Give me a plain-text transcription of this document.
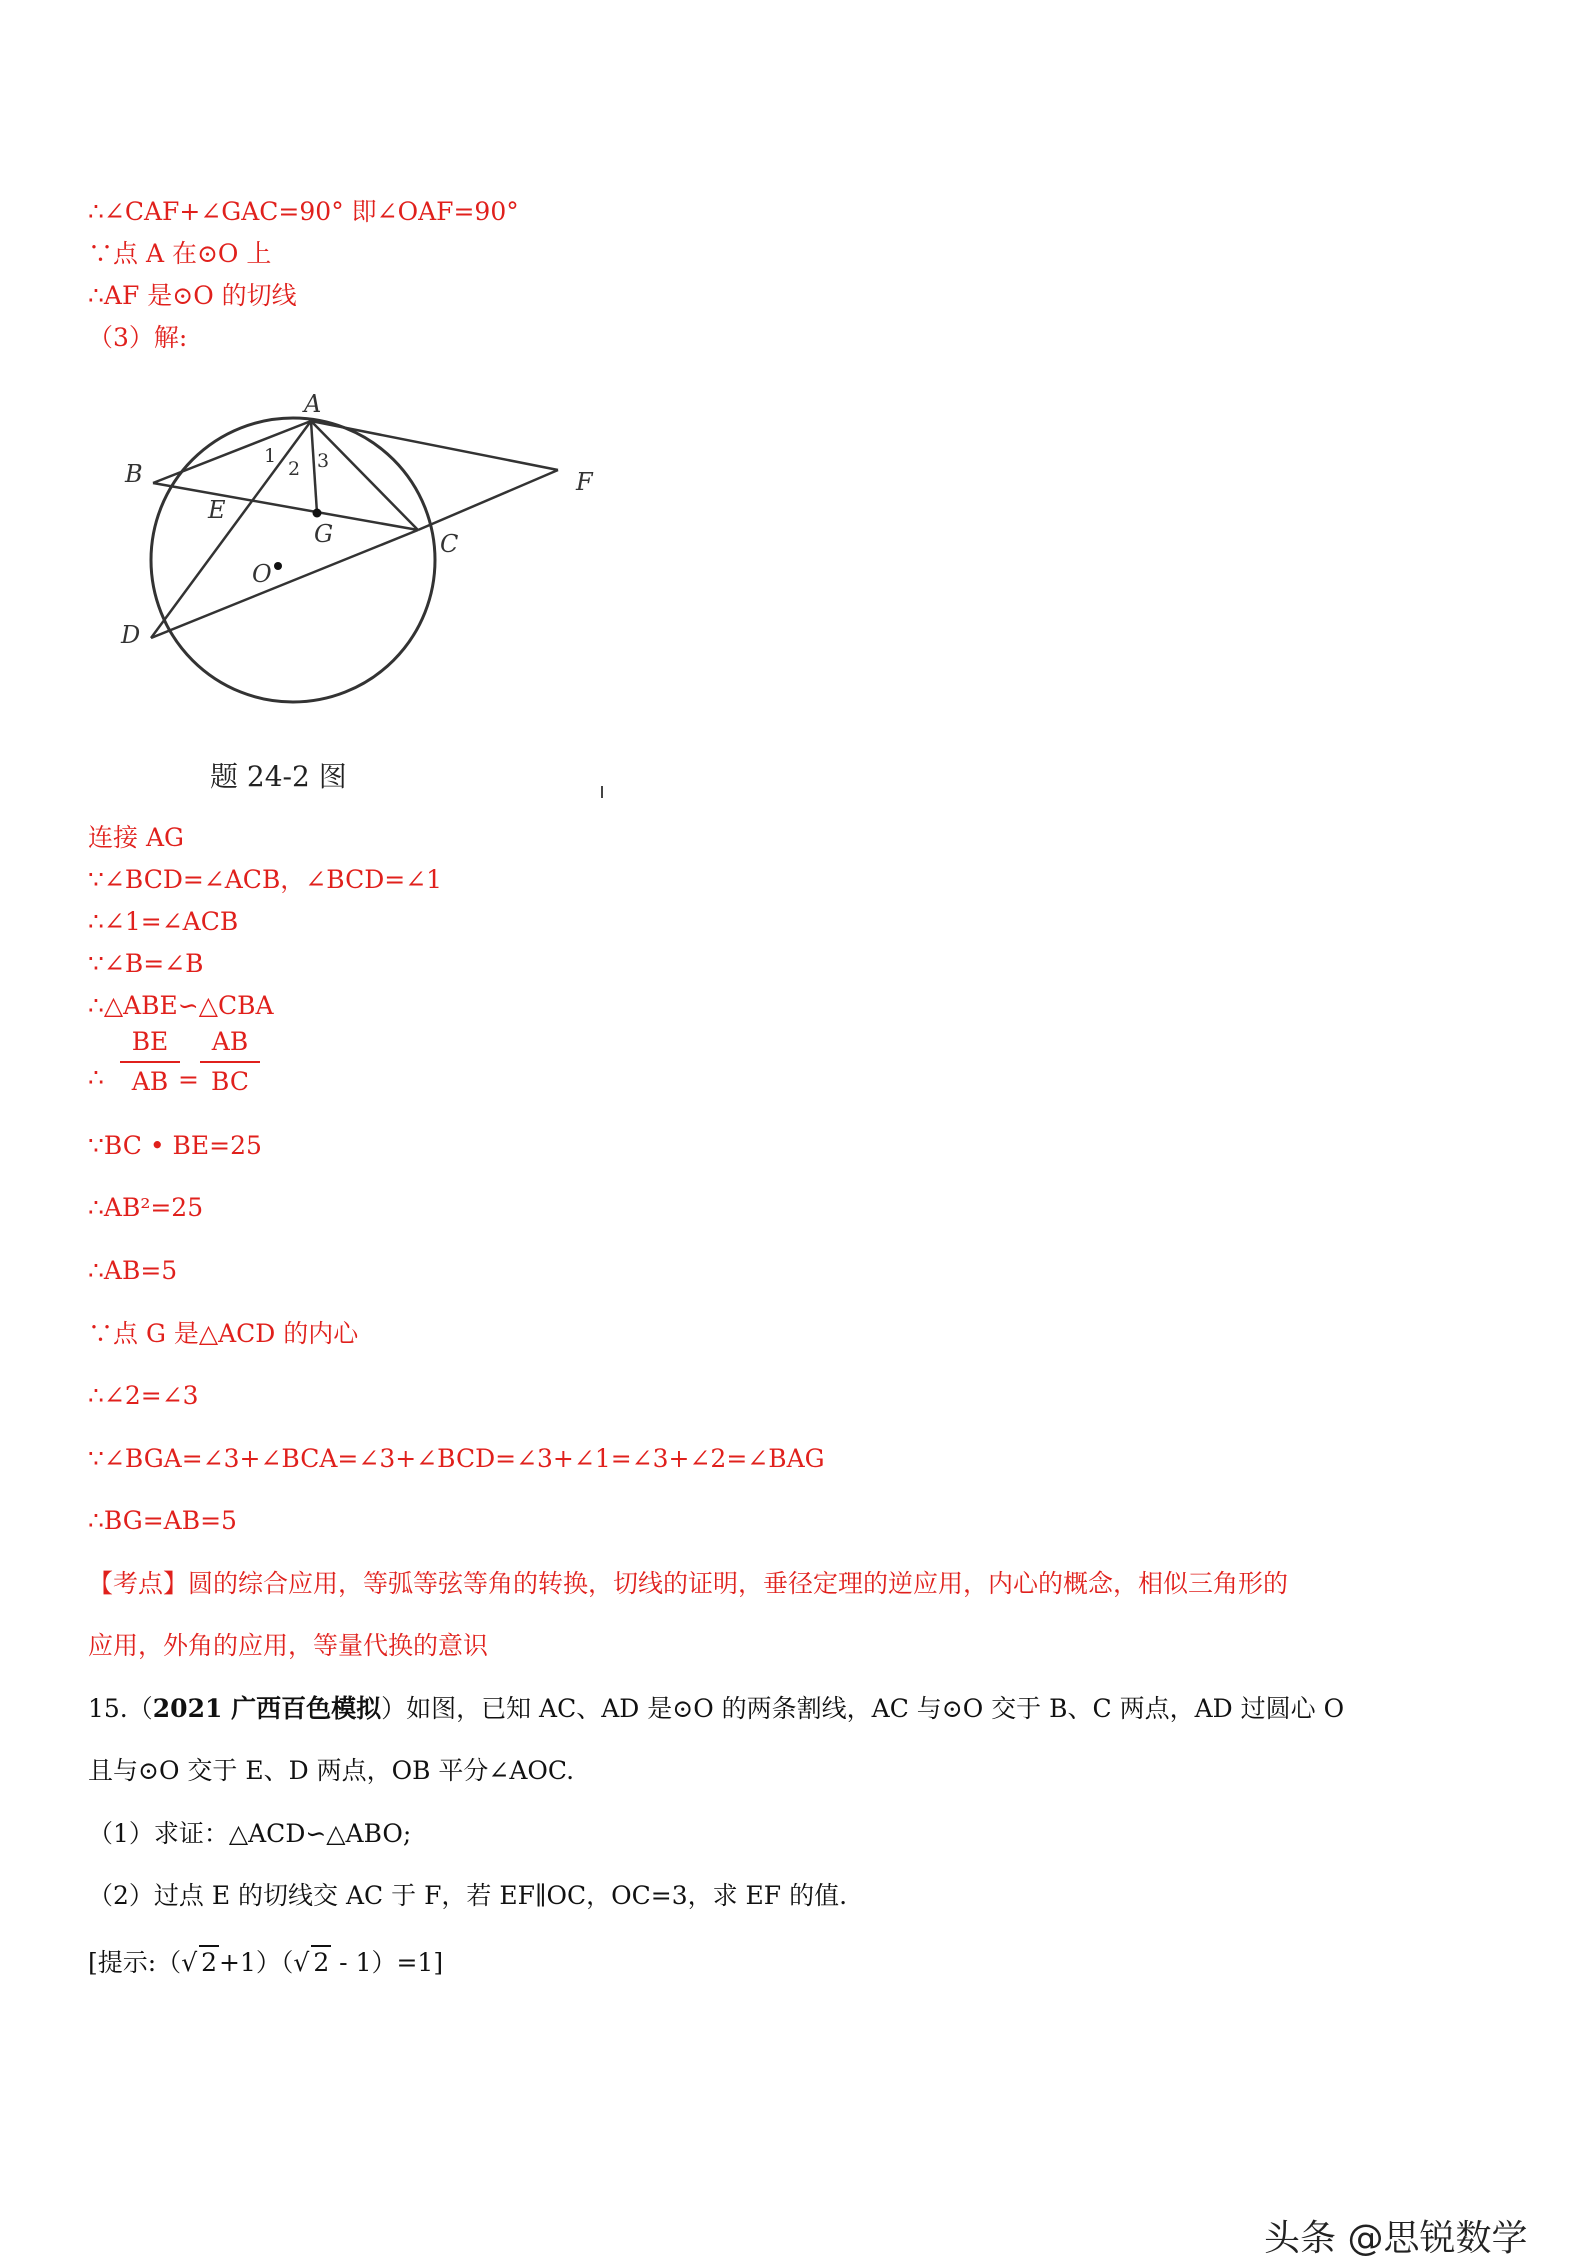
∴∠CAF+∠GAC=90° 即∠OAF=90°
∵点 A 在⊙O 上
∴AF 是⊙O 的切线
（3）解:
A
B
C
D
E
F
G
O
1
2 3
题 24-2 图
连接 AG
∵∠BCD=∠ACB，∠BCD=∠1
∴∠1=∠ACB
∵∠B=∠B
∴△ABE∽△CBA
∴
BE
AB =
AB
BC
∵BC • BE=25
∴AB²=25
∴AB=5
∵点 G 是△ACD 的内心
∴∠2=∠3
∵∠BGA=∠3+∠BCA=∠3+∠BCD=∠3+∠1=∠3+∠2=∠BAG
∴BG=AB=5
【考点】圆的综合应用，等弧等弦等角的转换，切线的证明，垂径定理的逆应用，内心的概念，相似三角形的
应用，外角的应用，等量代换的意识
15.（2021 广西百色模拟）如图，已知 AC、AD 是⊙O 的两条割线，AC 与⊙O 交于 B、C 两点，AD 过圆心 O
且与⊙O 交于 E、D 两点，OB 平分∠AOC.
（1）求证：△ACD∽△ABO;
（2）过点 E 的切线交 AC 于 F，若 EF∥OC，OC=3，求 EF 的值.
[提示:（√ 2+1）（√ 2 - 1）=1]
头条 @思锐数学
